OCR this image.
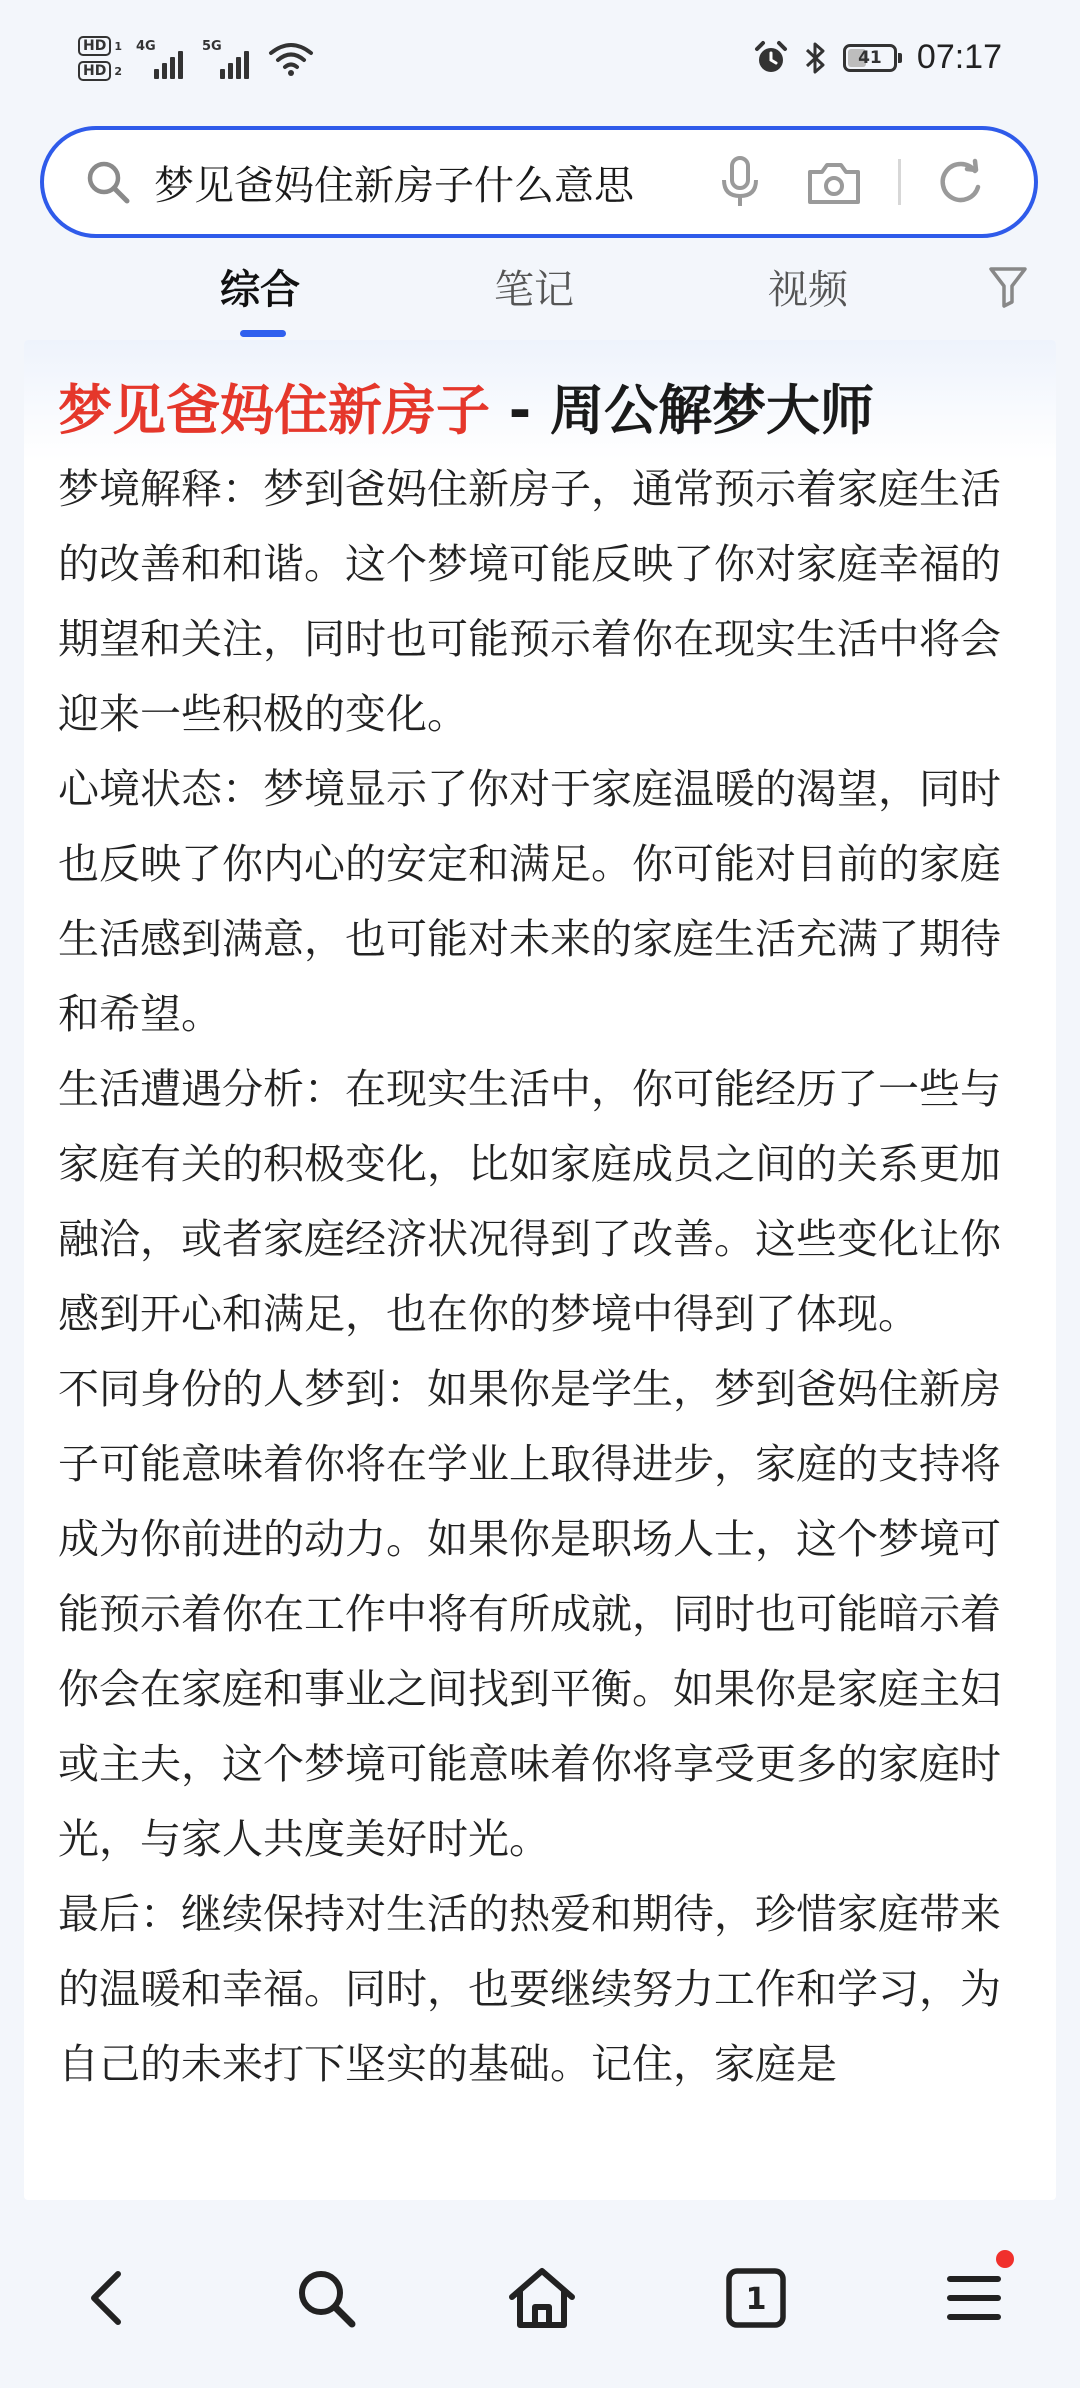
HD 1
HD 2
4G	5G
41 07:17
梦见爸妈住新房子什么意思
综合	笔记	视频
梦见爸妈住新房子 - 周公解梦大师

梦境解释：梦到爸妈住新房子，通常预示着家庭生活的改善和和谐。这个梦境可能反映了你对家庭幸福的期望和关注，同时也可能预示着你在现实生活中将会迎来一些积极的变化。

心境状态：梦境显示了你对于家庭温暖的渴望，同时也反映了你内心的安定和满足。你可能对目前的家庭生活感到满意，也可能对未来的家庭生活充满了期待和希望。

生活遭遇分析：在现实生活中，你可能经历了一些与家庭有关的积极变化，比如家庭成员之间的关系更加融洽，或者家庭经济状况得到了改善。这些变化让你感到开心和满足，也在你的梦境中得到了体现。

不同身份的人梦到：如果你是学生，梦到爸妈住新房子可能意味着你将在学业上取得进步，家庭的支持将成为你前进的动力。如果你是职场人士，这个梦境可能预示着你在工作中将有所成就，同时也可能暗示着你会在家庭和事业之间找到平衡。如果你是家庭主妇或主夫，这个梦境可能意味着你将享受更多的家庭时光，与家人共度美好时光。

最后：继续保持对生活的热爱和期待，珍惜家庭带来的温暖和幸福。同时，也要继续努力工作和学习，为自己的未来打下坚实的基础。记住，家庭是

1
